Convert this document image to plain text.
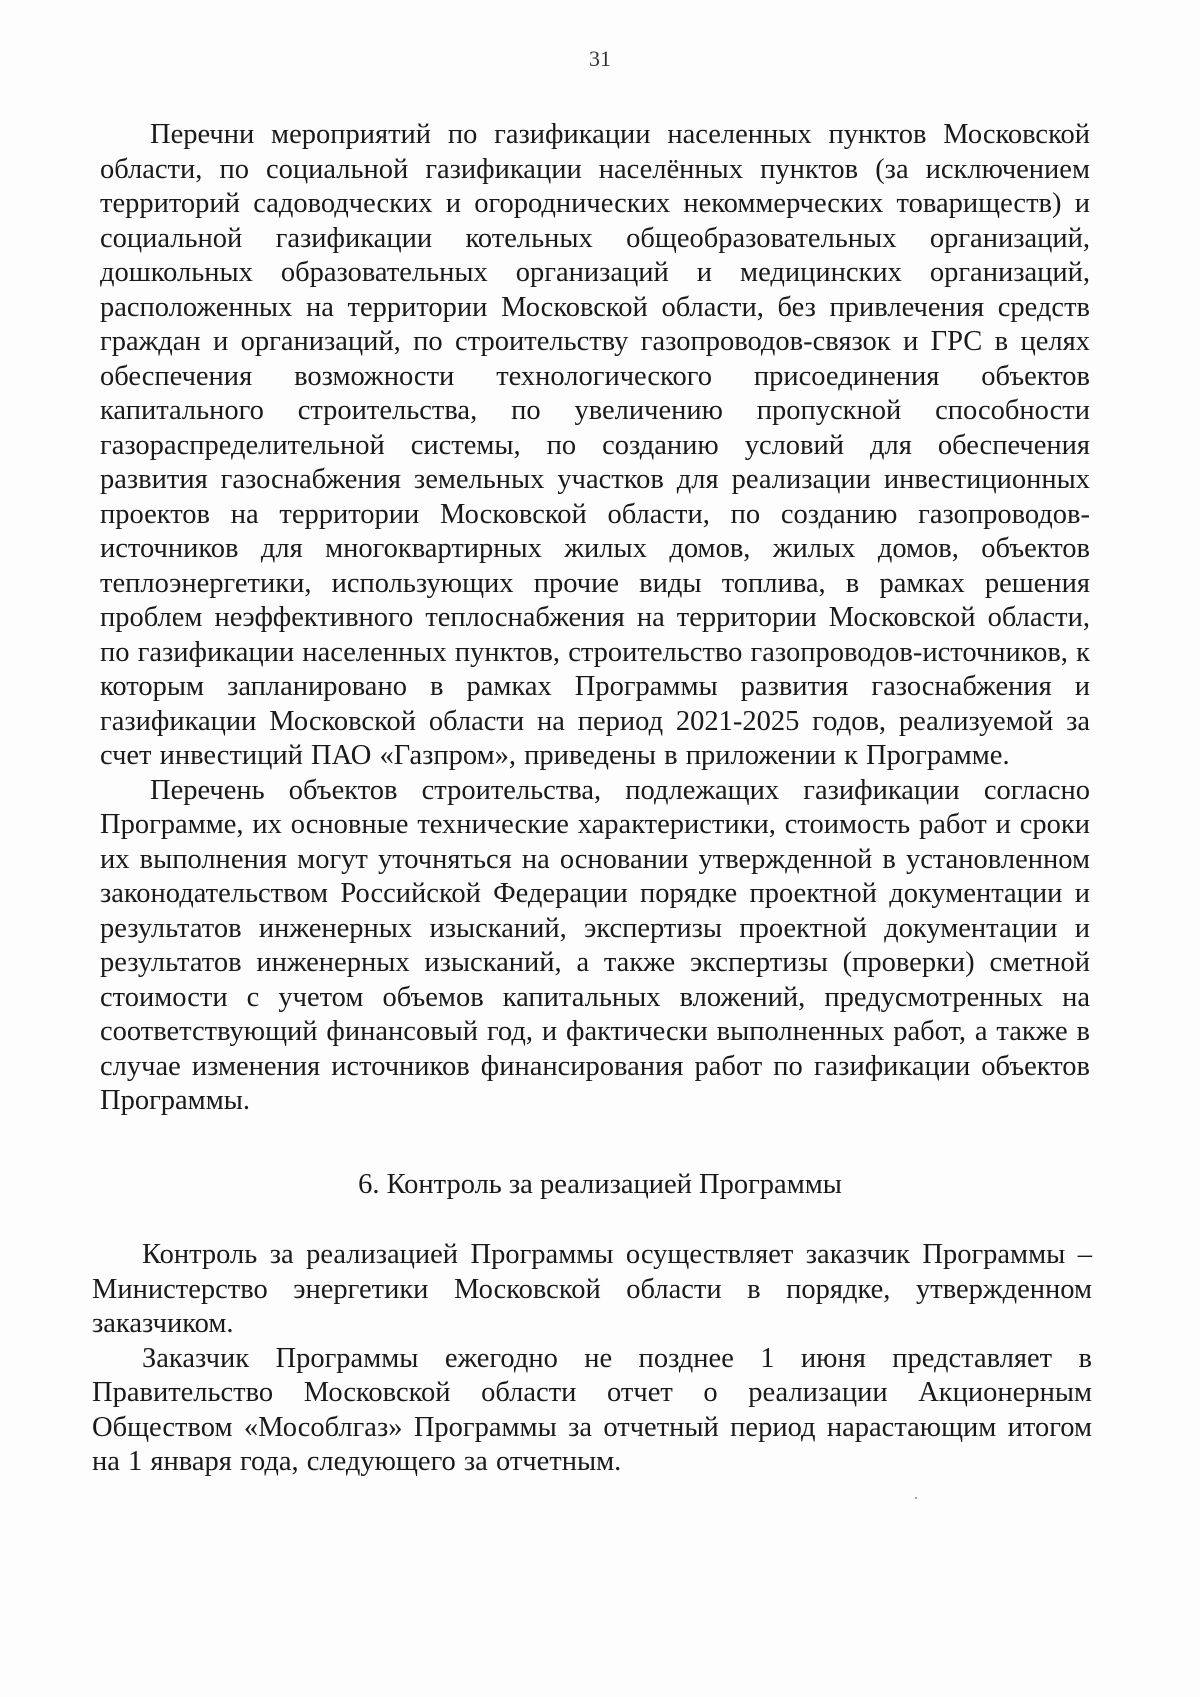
31

Перечни мероприятий по газификации населенных пунктов Московской области, по социальной газификации населённых пунктов (за исключением территорий садоводческих и огороднических некоммерческих товариществ) и социальной газификации котельных общеобразовательных организаций, дошкольных образовательных организаций и медицинских организаций, расположенных на территории Московской области, без привлечения средств граждан и организаций, по строительству газопроводов-связок и ГРС в целях обеспечения возможности технологического присоединения объектов капитального строительства, по увеличению пропускной способности газораспределительной системы, по созданию условий для обеспечения развития газоснабжения земельных участков для реализации инвестиционных проектов на территории Московской области, по созданию газопроводов-источников для многоквартирных жилых домов, жилых домов, объектов теплоэнергетики, использующих прочие виды топлива, в рамках решения проблем неэффективного теплоснабжения на территории Московской области, по газификации населенных пунктов, строительство газопроводов-источников, к которым запланировано в рамках Программы развития газоснабжения и газификации Московской области на период 2021-2025 годов, реализуемой за счет инвестиций ПАО «Газпром», приведены в приложении к Программе.

Перечень объектов строительства, подлежащих газификации согласно Программе, их основные технические характеристики, стоимость работ и сроки их выполнения могут уточняться на основании утвержденной в установленном законодательством Российской Федерации порядке проектной документации и результатов инженерных изысканий, экспертизы проектной документации и результатов инженерных изысканий, а также экспертизы (проверки) сметной стоимости с учетом объемов капитальных вложений, предусмотренных на соответствующий финансовый год, и фактически выполненных работ, а также в случае изменения источников финансирования работ по газификации объектов Программы.

6. Контроль за реализацией Программы

Контроль за реализацией Программы осуществляет заказчик Программы – Министерство энергетики Московской области в порядке, утвержденном заказчиком.

Заказчик Программы ежегодно не позднее 1 июня представляет в Правительство Московской области отчет о реализации Акционерным Обществом «Мособлгаз» Программы за отчетный период нарастающим итогом на 1 января года, следующего за отчетным.
